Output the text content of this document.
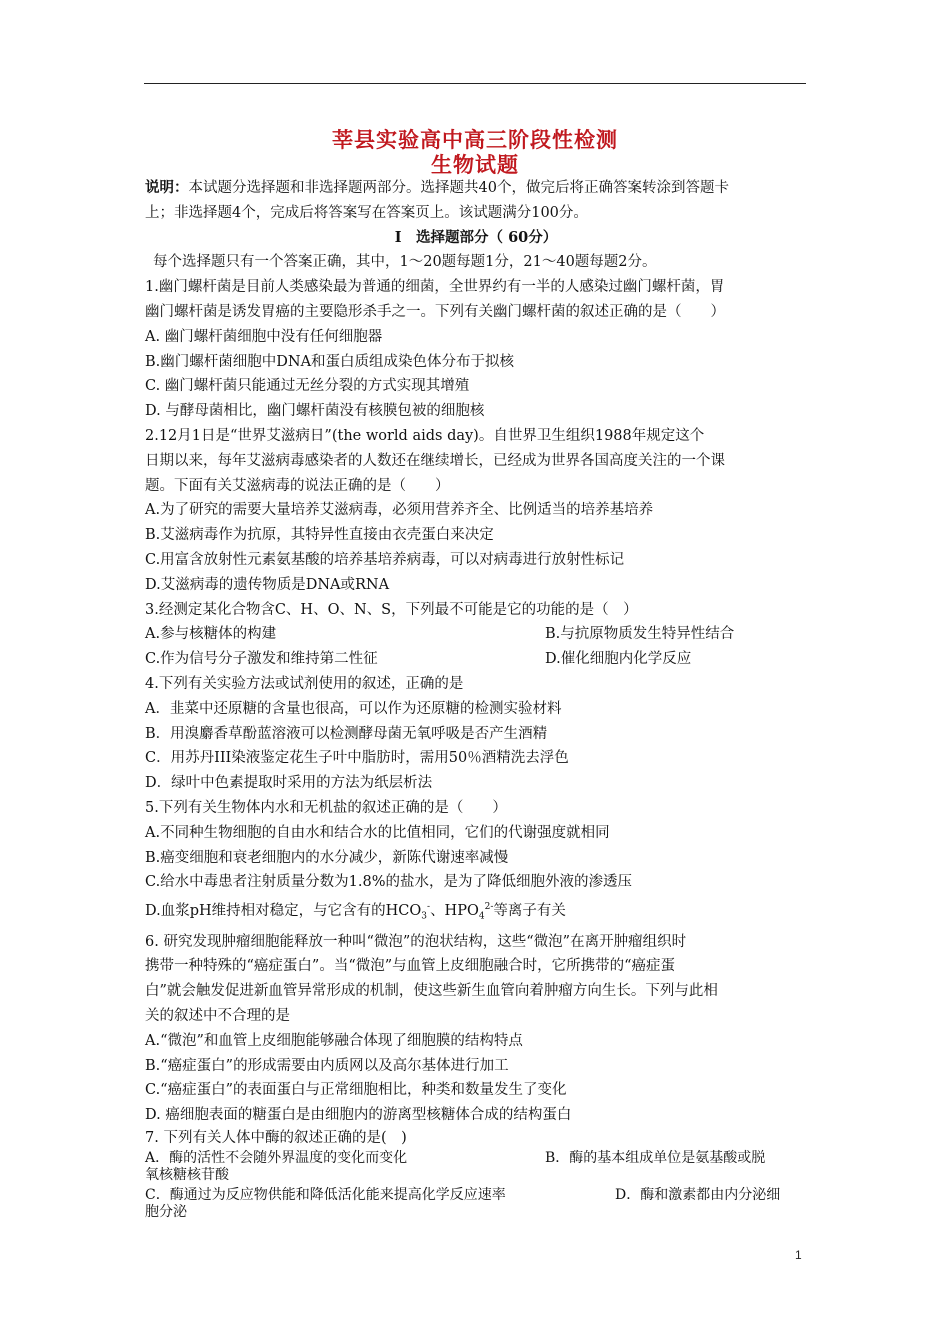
莘县实验高中高三阶段性检测
生物试题

说明：本试题分选择题和非选择题两部分。选择题共40个，做完后将正确答案转涂到答题卡

上；非选择题4个，完成后将答案写在答案页上。该试题满分100分。

Ⅰ　选择题部分（ 60分）

每个选择题只有一个答案正确，其中，1～20题每题1分，21～40题每题2分。

1.幽门螺杆菌是目前人类感染最为普通的细菌，全世界约有一半的人感染过幽门螺杆菌，胃

幽门螺杆菌是诱发胃癌的主要隐形杀手之一。下列有关幽门螺杆菌的叙述正确的是（　　）

A. 幽门螺杆菌细胞中没有任何细胞器

B.幽门螺杆菌细胞中DNA和蛋白质组成染色体分布于拟核

C. 幽门螺杆菌只能通过无丝分裂的方式实现其增殖

D. 与酵母菌相比，幽门螺杆菌没有核膜包被的细胞核

2.12月1日是“世界艾滋病日”(the world aids day)。自世界卫生组织1988年规定这个

日期以来，每年艾滋病毒感染者的人数还在继续增长，已经成为世界各国高度关注的一个课

题。下面有关艾滋病毒的说法正确的是（　　）

A.为了研究的需要大量培养艾滋病毒，必须用营养齐全、比例适当的培养基培养

B.艾滋病毒作为抗原，其特异性直接由衣壳蛋白来决定

C.用富含放射性元素氨基酸的培养基培养病毒，可以对病毒进行放射性标记

D.艾滋病毒的遗传物质是DNA或RNA

3.经测定某化合物含C、H、O、N、S，下列最不可能是它的功能的是（　）

A.参与核糖体的构建	B.与抗原物质发生特异性结合
C.作为信号分子激发和维持第二性征	D.催化细胞内化学反应

4.下列有关实验方法或试剂使用的叙述，正确的是

A．韭菜中还原糖的含量也很高，可以作为还原糖的检测实验材料

B．用溴麝香草酚蓝溶液可以检测酵母菌无氧呼吸是否产生酒精

C．用苏丹III染液鉴定花生子叶中脂肪时，需用50％酒精洗去浮色

D．绿叶中色素提取时采用的方法为纸层析法

5.下列有关生物体内水和无机盐的叙述正确的是（　　）

A.不同种生物细胞的自由水和结合水的比值相同，它们的代谢强度就相同

B.癌变细胞和衰老细胞内的水分减少，新陈代谢速率减慢

C.给水中毒患者注射质量分数为1.8%的盐水，是为了降低细胞外液的渗透压

D.血浆pH维持相对稳定，与它含有的$HCO_3^-$、$HPO_4^{2-}$等离子有关

6. 研究发现肿瘤细胞能释放一种叫“微泡”的泡状结构，这些“微泡”在离开肿瘤组织时

携带一种特殊的“癌症蛋白”。当“微泡”与血管上皮细胞融合时，它所携带的“癌症蛋

白”就会触发促进新血管异常形成的机制，使这些新生血管向着肿瘤方向生长。下列与此相

关的叙述中不合理的是

A.“微泡”和血管上皮细胞能够融合体现了细胞膜的结构特点

B.“癌症蛋白”的形成需要由内质网以及高尔基体进行加工

C.“癌症蛋白”的表面蛋白与正常细胞相比，种类和数量发生了变化

D. 癌细胞表面的糖蛋白是由细胞内的游离型核糖体合成的结构蛋白

7. 下列有关人体中酶的叙述正确的是(　)

A．酶的活性不会随外界温度的变化而变化	B．酶的基本组成单位是氨基酸或脱

氧核糖核苷酸

C．酶通过为反应物供能和降低活化能来提高化学反应速率	D．酶和激素都由内分泌细

胞分泌

1
